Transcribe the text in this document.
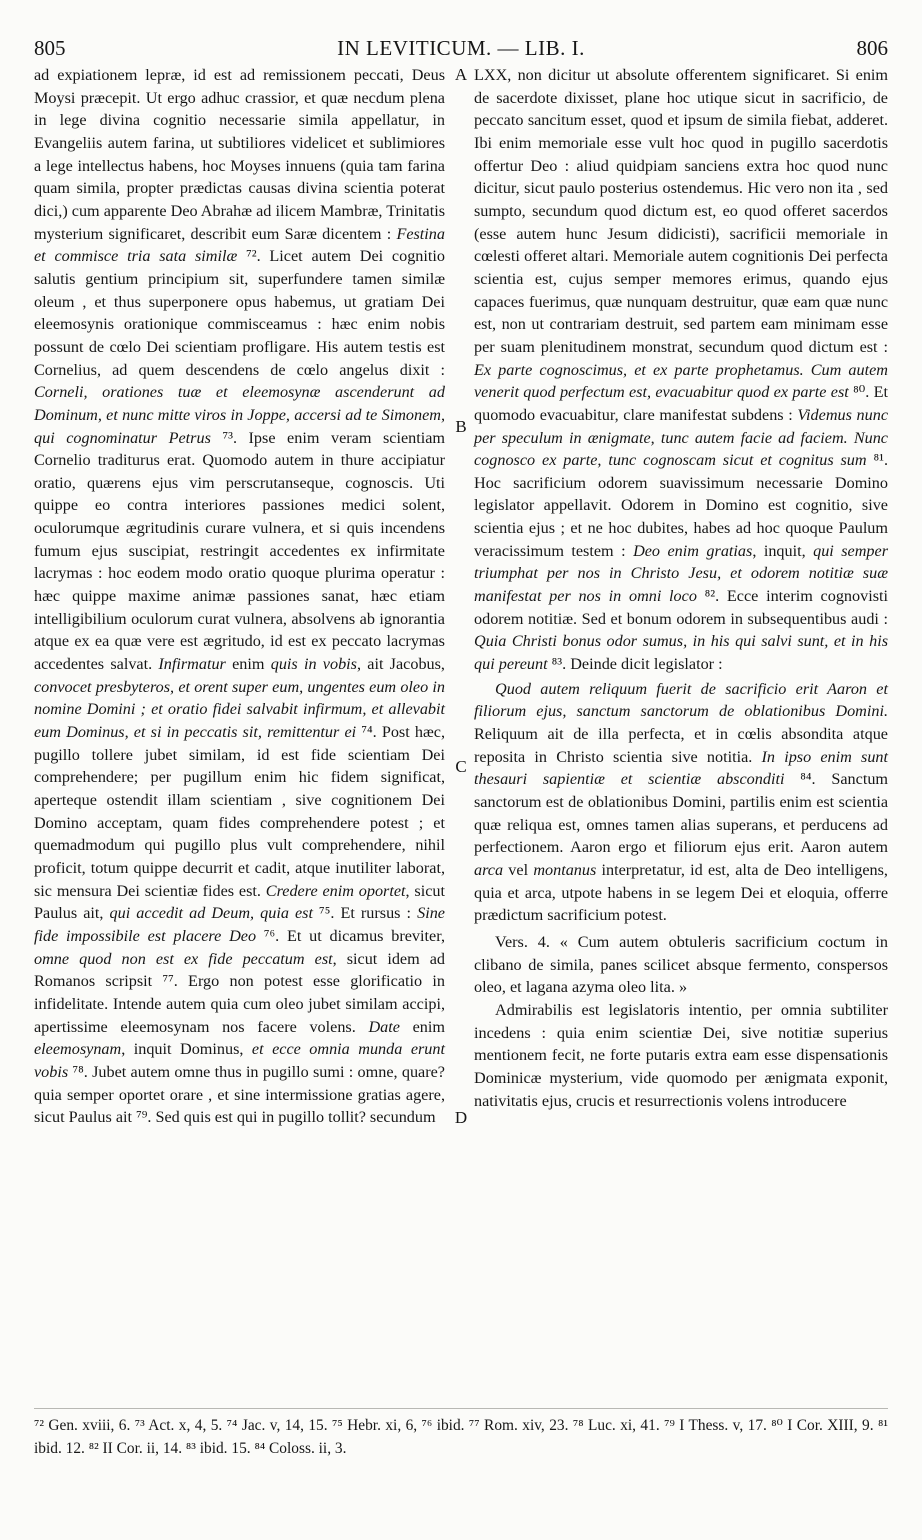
805	IN LEVITICUM. — LIB. I.	806

ad expiationem lepræ, id est ad remissionem peccati, Deus Moysi præcepit. Ut ergo adhuc crassior, et quæ necdum plena in lege divina cognitio necessarie simila appellatur, in Evangeliis autem farina, ut subtiliores videlicet et sublimiores a lege intellectus habens, hoc Moyses innuens (quia tam farina quam simila, propter prædictas causas divina scientia poterat dici,) cum apparente Deo Abrahæ ad ilicem Mambræ, Trinitatis mysterium significaret, describit eum Saræ dicentem : Festina et commisce tria sata similæ ⁷². Licet autem Dei cognitio salutis gentium principium sit, superfundere tamen similæ oleum , et thus superponere opus habemus, ut gratiam Dei eleemosynis orationique commisceamus : hæc enim nobis possunt de cœlo Dei scientiam profligare. His autem testis est Cornelius, ad quem descendens de cœlo angelus dixit : Corneli, orationes tuæ et eleemosynæ ascenderunt ad Dominum, et nunc mitte viros in Joppe, accersi ad te Simonem, qui cognominatur Petrus ⁷³. Ipse enim veram scientiam Cornelio traditurus erat. Quomodo autem in thure accipiatur oratio, quærens ejus vim perscrutanseque, cognoscis. Uti quippe eo contra interiores passiones medici solent, oculorumque ægritudinis curare vulnera, et si quis incendens fumum ejus suscipiat, restringit accedentes ex infirmitate lacrymas : hoc eodem modo oratio quoque plurima operatur : hæc quippe maxime animæ passiones sanat, hæc etiam intelligibilium oculorum curat vulnera, absolvens ab ignorantia atque ex ea quæ vere est ægritudo, id est ex peccato lacrymas accedentes salvat. Infirmatur enim quis in vobis, ait Jacobus, convocet presbyteros, et orent super eum, ungentes eum oleo in nomine Domini ; et oratio fidei salvabit infirmum, et allevabit eum Dominus, et si in peccatis sit, remittentur ei ⁷⁴. Post hæc, pugillo tollere jubet similam, id est fide scientiam Dei comprehendere; per pugillum enim hic fidem significat, aperteque ostendit illam scientiam , sive cognitionem Dei Domino acceptam, quam fides comprehendere potest ; et quemadmodum qui pugillo plus vult comprehendere, nihil proficit, totum quippe decurrit et cadit, atque inutiliter laborat, sic mensura Dei scientiæ fides est. Credere enim oportet, sicut Paulus ait, qui accedit ad Deum, quia est ⁷⁵. Et rursus : Sine fide impossibile est placere Deo ⁷⁶. Et ut dicamus breviter, omne quod non est ex fide peccatum est, sicut idem ad Romanos scripsit ⁷⁷. Ergo non potest esse glorificatio in infidelitate. Intende autem quia cum oleo jubet similam accipi, apertissime eleemosynam nos facere volens. Date enim eleemosynam, inquit Dominus, et ecce omnia munda erunt vobis ⁷⁸. Jubet autem omne thus in pugillo sumi : omne, quare? quia semper oportet orare , et sine intermissione gratias agere, sicut Paulus ait ⁷⁹. Sed quis est qui in pugillo tollit? secundum

A
B
C
D

LXX, non dicitur ut absolute offerentem significaret. Si enim de sacerdote dixisset, plane hoc utique sicut in sacrificio, de peccato sancitum esset, quod et ipsum de simila fiebat, adderet. Ibi enim memoriale esse vult hoc quod in pugillo sacerdotis offertur Deo : aliud quidpiam sanciens extra hoc quod nunc dicitur, sicut paulo posterius ostendemus. Hic vero non ita , sed sumpto, secundum quod dictum est, eo quod offeret sacerdos (esse autem hunc Jesum didicisti), sacrificii memoriale in cœlesti offeret altari. Memoriale autem cognitionis Dei perfecta scientia est, cujus semper memores erimus, quando ejus capaces fuerimus, quæ nunquam destruitur, quæ eam quæ nunc est, non ut contrariam destruit, sed partem eam minimam esse per suam plenitudinem monstrat, secundum quod dictum est : Ex parte cognoscimus, et ex parte prophetamus. Cum autem venerit quod perfectum est, evacuabitur quod ex parte est ⁸⁰. Et quomodo evacuabitur, clare manifestat subdens : Videmus nunc per speculum in ænigmate, tunc autem facie ad faciem. Nunc cognosco ex parte, tunc cognoscam sicut et cognitus sum ⁸¹. Hoc sacrificium odorem suavissimum necessarie Domino legislator appellavit. Odorem in Domino est cognitio, sive scientia ejus ; et ne hoc dubites, habes ad hoc quoque Paulum veracissimum testem : Deo enim gratias, inquit, qui semper triumphat per nos in Christo Jesu, et odorem notitiæ suæ manifestat per nos in omni loco ⁸². Ecce interim cognovisti odorem notitiæ. Sed et bonum odorem in subsequentibus audi : Quia Christi bonus odor sumus, in his qui salvi sunt, et in his qui pereunt ⁸³. Deinde dicit legislator :

Quod autem reliquum fuerit de sacrificio erit Aaron et filiorum ejus, sanctum sanctorum de oblationibus Domini. Reliquum ait de illa perfecta, et in cœlis absondita atque reposita in Christo scientia sive notitia. In ipso enim sunt thesauri sapientiæ et scientiæ absconditi ⁸⁴. Sanctum sanctorum est de oblationibus Domini, partilis enim est scientia quæ reliqua est, omnes tamen alias superans, et perducens ad perfectionem. Aaron ergo et filiorum ejus erit. Aaron autem arca vel montanus interpretatur, id est, alta de Deo intelligens, quia et arca, utpote habens in se legem Dei et eloquia, offerre prædictum sacrificium potest.

Vers. 4. « Cum autem obtuleris sacrificium coctum in clibano de simila, panes scilicet absque fermento, conspersos oleo, et lagana azyma oleo lita. »

Admirabilis est legislatoris intentio, per omnia subtiliter incedens : quia enim scientiæ Dei, sive notitiæ superius mentionem fecit, ne forte putaris extra eam esse dispensationis Dominicæ mysterium, vide quomodo per ænigmata exponit, nativitatis ejus, crucis et resurrectionis volens introducere

⁷² Gen. xviii, 6. ⁷³ Act. x, 4, 5. ⁷⁴ Jac. v, 14, 15. ⁷⁵ Hebr. xi, 6, ⁷⁶ ibid. ⁷⁷ Rom. xiv, 23. ⁷⁸ Luc. xi, 41. ⁷⁹ I Thess. v, 17. ⁸⁰ I Cor. XIII, 9. ⁸¹ ibid. 12. ⁸² II Cor. ii, 14. ⁸³ ibid. 15. ⁸⁴ Coloss. ii, 3.
